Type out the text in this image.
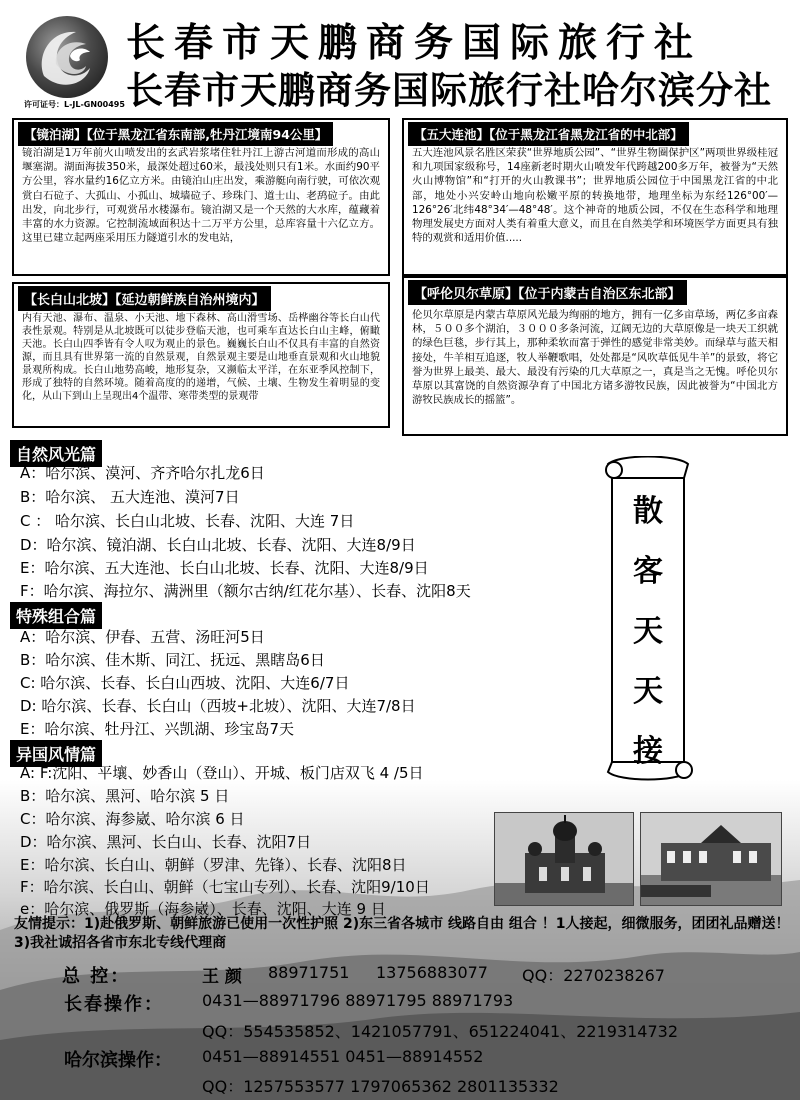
长春市天鹏商务国际旅行社
长春市天鹏商务国际旅行社哈尔滨分社
许可证号：L-JL-GN00495
【镜泊湖】【位于黑龙江省东南部,牡丹江境南94公里】
镜泊湖是1万年前火山喷发出的玄武岩浆堵住牡丹江上游古河道而形成的高山堰塞湖。湖面海拔350米，最深处超过60米，最浅处则只有1米。水面约90平方公里，容水量约16亿立方米。由镜泊山庄出发，乘游艇向南行驶，可依次观赏白石砬子、大孤山、小孤山、城墙砬子、珍珠门、道士山、老鸹砬子。由此出发，向北步行，可观赏吊水楼瀑布。镜泊湖又是一个天然的大水库，蕴藏着丰富的水力资源。它控制流域面积达十二万平方公里，总库容量十六亿立方。这里已建立起两座采用压力隧道引水的发电站，
【五大连池】【位于黑龙江省黑龙江省的中北部】
五大连池风景名胜区荣获“世界地质公园”、“世界生物圈保护区”两项世界级桂冠和九项国家级称号，14座新老时期火山喷发年代跨越200多万年，被誉为“天然火山博物馆”和“打开的火山教课书”；世界地质公园位于中国黑龙江省的中北部，地处小兴安岭山地向松嫩平原的转换地带，地理坐标为东经126°00′—126°26′北纬48°34′—48°48′。这个神奇的地质公园，不仅在生态科学和地理物理发展史方面对人类有着重大意义，而且在自然美学和环境医学方面更具有独特的观赏和适用价值.....
【长白山北坡】【延边朝鲜族自治州境内】
内有天池、瀑布、温泉、小天池、地下森林、高山滑雪场、岳桦幽谷等长白山代表性景观。特别是从北坡既可以徒步登临天池，也可乘车直达长白山主峰，俯瞰天池。长白山四季皆有令人叹为观止的景色。巍巍长白山不仅具有丰富的自然资源，而且具有世界第一流的自然景观，自然景观主要是山地垂直景观和火山地貌景观所构成。长白山地势高峻，地形复杂，又濒临太平洋，在东亚季风控制下，形成了独特的自然环境。随着高度的的递增，气候、土壤、生物发生着明显的变化，从山下到山上呈现出4个温带、寒带类型的景观带
【呼伦贝尔草原】【位于内蒙古自治区东北部】
伦贝尔草原是内蒙古草原风光最为绚丽的地方，拥有一亿多亩草场，两亿多亩森林，５００多个湖泊，３０００多条河流，辽阔无边的大草原像是一块天工织就的绿色巨毯，步行其上，那种柔软而富于弹性的感觉非常美妙。而绿草与蓝天相接处，牛羊相互追逐，牧人举鞭歌唱，处处都是“风吹草低见牛羊”的景致，将它誉为世界上最美、最大、最没有污染的几大草原之一，真是当之无愧。呼伦贝尔草原以其富饶的自然资源孕育了中国北方诸多游牧民族，因此被誉为“中国北方游牧民族成长的摇篮”。
自然风光篇
A：哈尔滨、漠河、齐齐哈尔扎龙6日
B：哈尔滨、 五大连池、漠河7日
C ： 哈尔滨、长白山北坡、长春、沈阳、大连 7日
D：哈尔滨、镜泊湖、长白山北坡、长春、沈阳、大连8/9日
E：哈尔滨、五大连池、长白山北坡、长春、沈阳、大连8/9日
F：哈尔滨、海拉尔、满洲里（额尔古纳/红花尔基）、长春、沈阳8天
特殊组合篇
A：哈尔滨、伊春、五营、汤旺河5日
B：哈尔滨、佳木斯、同江、抚远、黑瞎岛6日
C: 哈尔滨、长春、长白山西坡、沈阳、大连6/7日
D: 哈尔滨、长春、长白山（西坡+北坡）、沈阳、大连7/8日
E：哈尔滨、牡丹江、兴凯湖、珍宝岛7天
异国风情篇
A: F:沈阳、平壤、妙香山（登山）、开城、板门店双飞 4 /5日
B：哈尔滨、黑河、哈尔滨 5 日
C：哈尔滨、海参崴、哈尔滨 6 日
D：哈尔滨、黑河、长白山、长春、沈阳7日
E：哈尔滨、长白山、朝鲜（罗津、先锋）、长春、沈阳8日
F：哈尔滨、长白山、朝鲜（七宝山专列）、长春、沈阳9/10日
e：哈尔滨、俄罗斯（海参崴）、长春、沈阳、大连 9 日
散
客
天
天
接
友情提示：1)赴俄罗斯、朝鲜旅游已使用一次性护照 2)东三省各城市 线路自由 组合 ！1人接起，细微服务，团团礼品赠送！ 3)我社诚招各省市东北专线代理商
总 控：	王 颜 88971751 13756883077 QQ：2270238267
长春操作： 0431—88971796 88971795 88971793
QQ：554535852、1421057791、651224041、2219314732
哈尔滨操作： 0451—88914551 0451—88914552
QQ：1257553577 1797065362 2801135332
